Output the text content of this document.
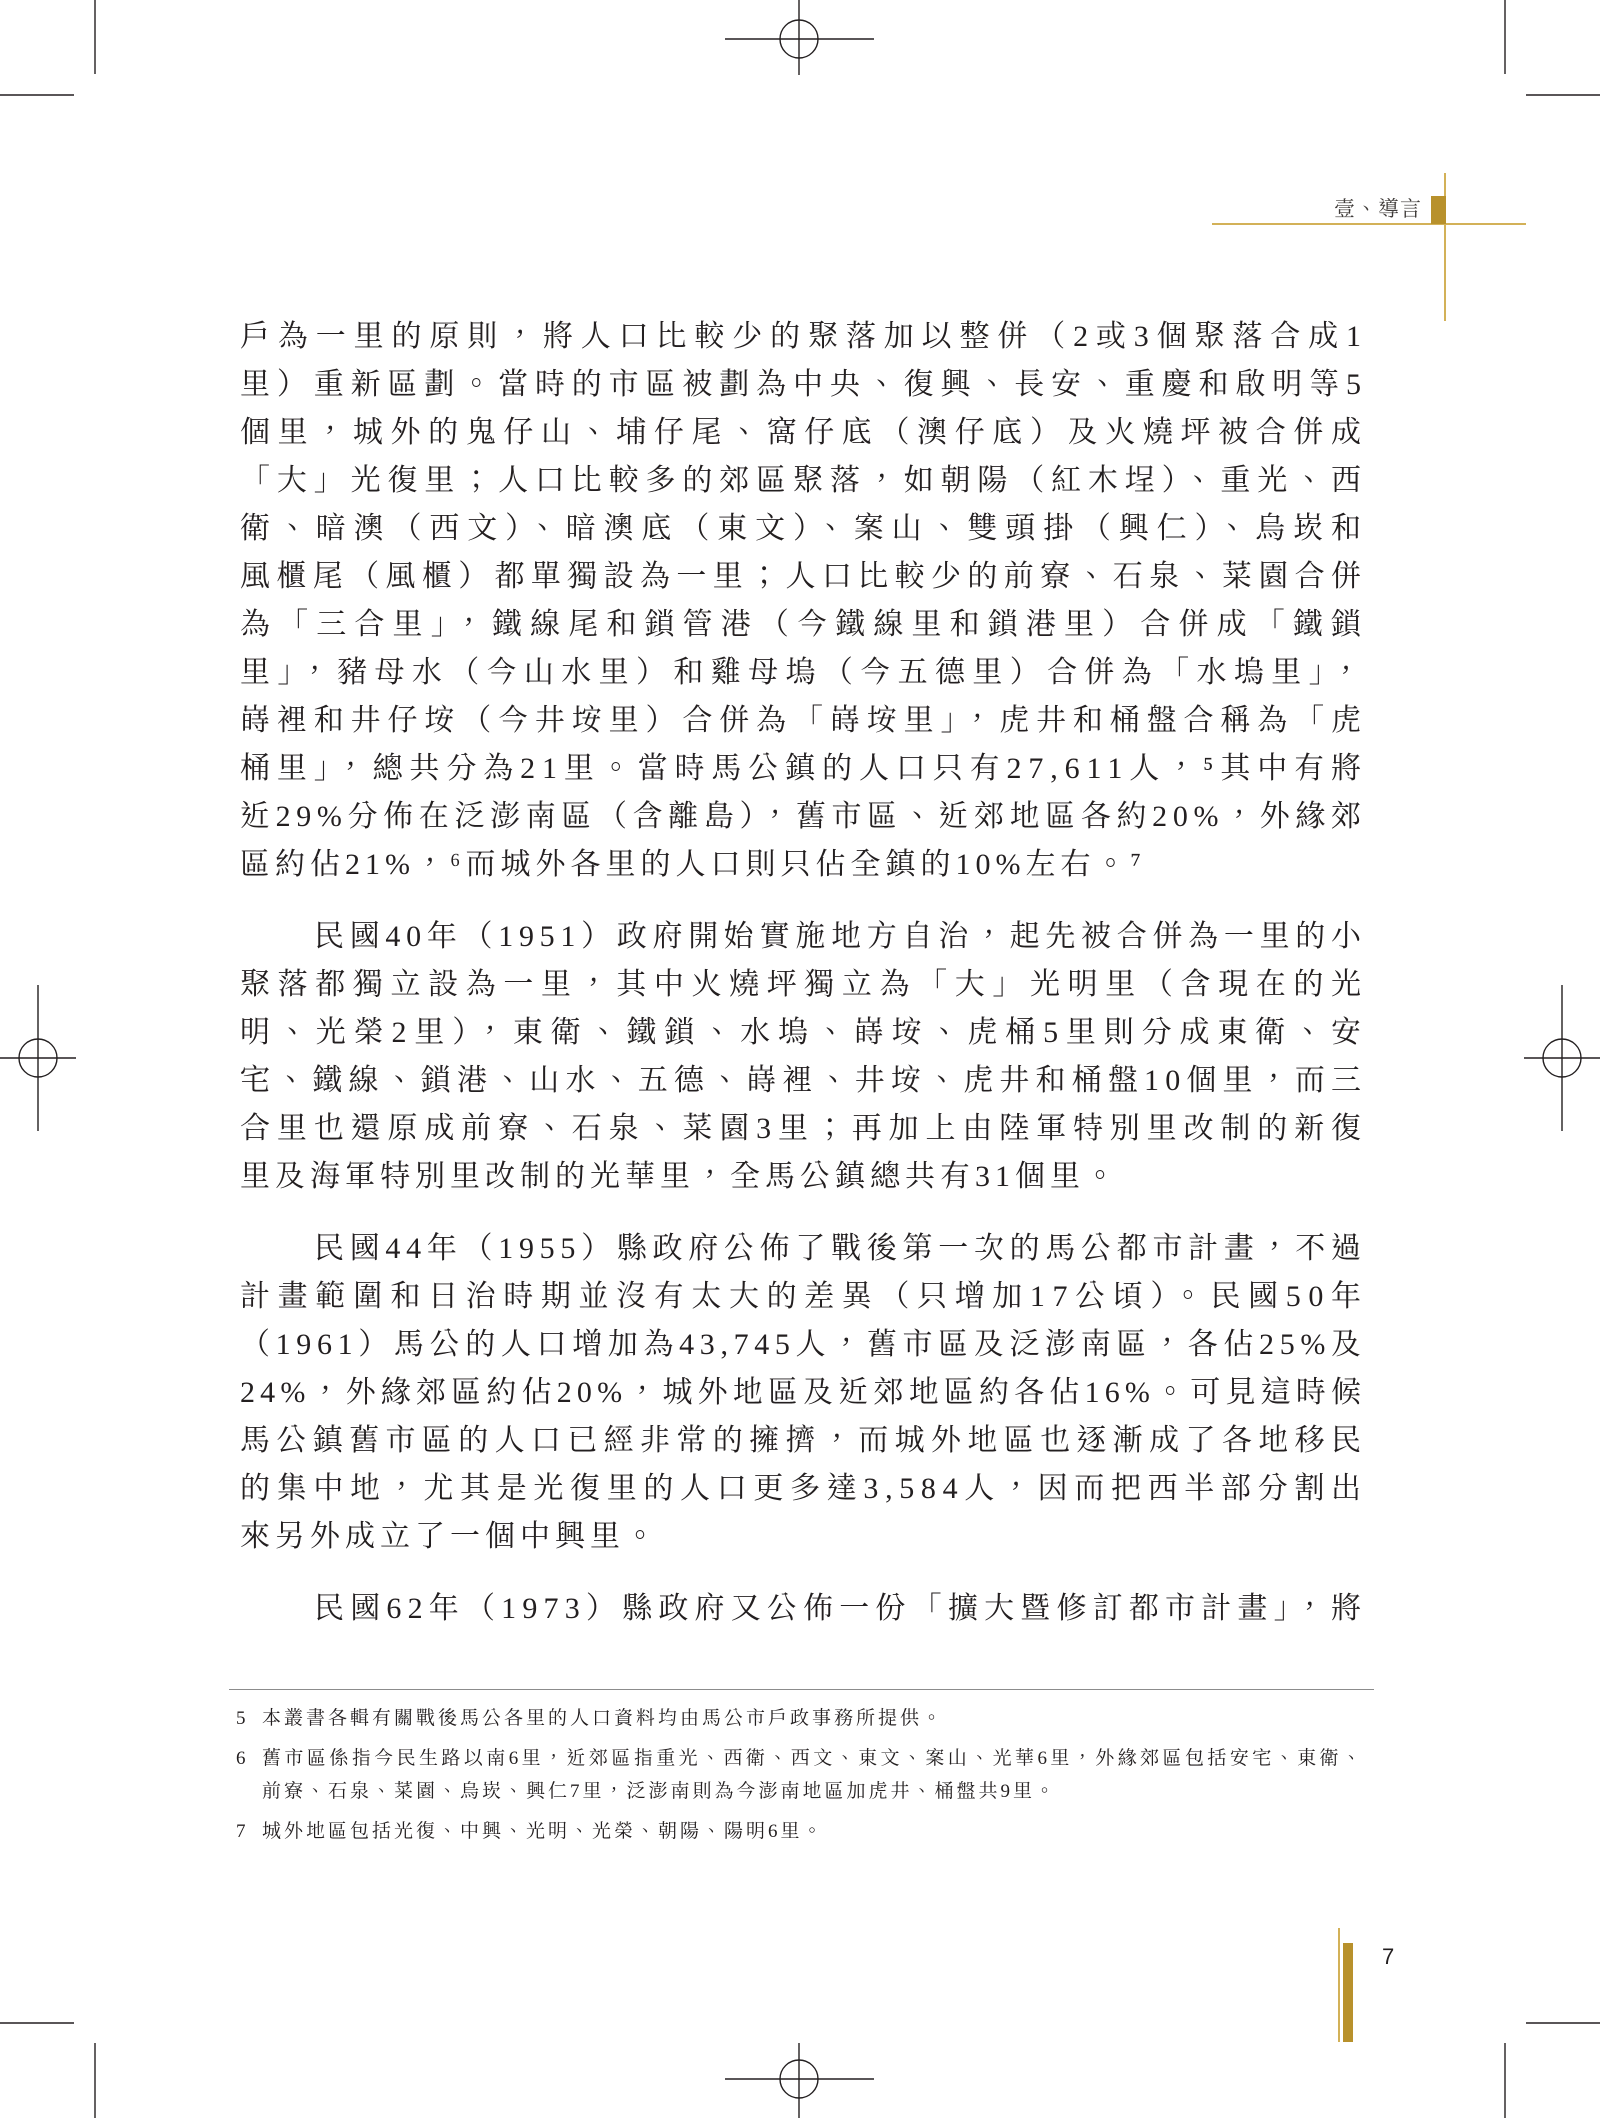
壹、導言
戶為一里的原則，將人口比較少的聚落加以整併（2或3個聚落合成1
里）重新區劃。當時的市區被劃為中央、復興、長安、重慶和啟明等5
個里，城外的鬼仔山、埔仔尾、窩仔底（澳仔底）及火燒坪被合併成
「大」光復里；人口比較多的郊區聚落，如朝陽（紅木埕）、重光、西
衛、暗澳（西文）、暗澳底（東文）、案山、雙頭掛（興仁）、烏崁和
風櫃尾（風櫃）都單獨設為一里；人口比較少的前寮、石泉、菜園合併
為「三合里」，鐵線尾和鎖管港（今鐵線里和鎖港里）合併成「鐵鎖
里」，豬母水（今山水里）和雞母塢（今五德里）合併為「水塢里」，
嵵裡和井仔垵（今井垵里）合併為「嵵垵里」，虎井和桶盤合稱為「虎
桶里」，總共分為21里。當時馬公鎮的人口只有27,611人，⁵其中有將
近29%分佈在泛澎南區（含離島），舊市區、近郊地區各約20%，外緣郊
區約佔21%，⁶而城外各里的人口則只佔全鎮的10%左右。⁷
民國40年（1951）政府開始實施地方自治，起先被合併為一里的小
聚落都獨立設為一里，其中火燒坪獨立為「大」光明里（含現在的光
明、光榮2里），東衛、鐵鎖、水塢、嵵垵、虎桶5里則分成東衛、安
宅、鐵線、鎖港、山水、五德、嵵裡、井垵、虎井和桶盤10個里，而三
合里也還原成前寮、石泉、菜園3里；再加上由陸軍特別里改制的新復
里及海軍特別里改制的光華里，全馬公鎮總共有31個里。
民國44年（1955）縣政府公佈了戰後第一次的馬公都市計畫，不過
計畫範圍和日治時期並沒有太大的差異（只增加17公頃）。民國50年
（1961）馬公的人口增加為43,745人，舊市區及泛澎南區，各佔25%及
24%，外緣郊區約佔20%，城外地區及近郊地區約各佔16%。可見這時候
馬公鎮舊市區的人口已經非常的擁擠，而城外地區也逐漸成了各地移民
的集中地，尤其是光復里的人口更多達3,584人，因而把西半部分割出
來另外成立了一個中興里。
民國62年（1973）縣政府又公佈一份「擴大暨修訂都市計畫」，將
5 本叢書各輯有關戰後馬公各里的人口資料均由馬公市戶政事務所提供。
6 舊市區係指今民生路以南6里，近郊區指重光、西衛、西文、東文、案山、光華6里，外緣郊區包括安宅、東衛、
前寮、石泉、菜園、烏崁、興仁7里，泛澎南則為今澎南地區加虎井、桶盤共9里。
7 城外地區包括光復、中興、光明、光榮、朝陽、陽明6里。
7
